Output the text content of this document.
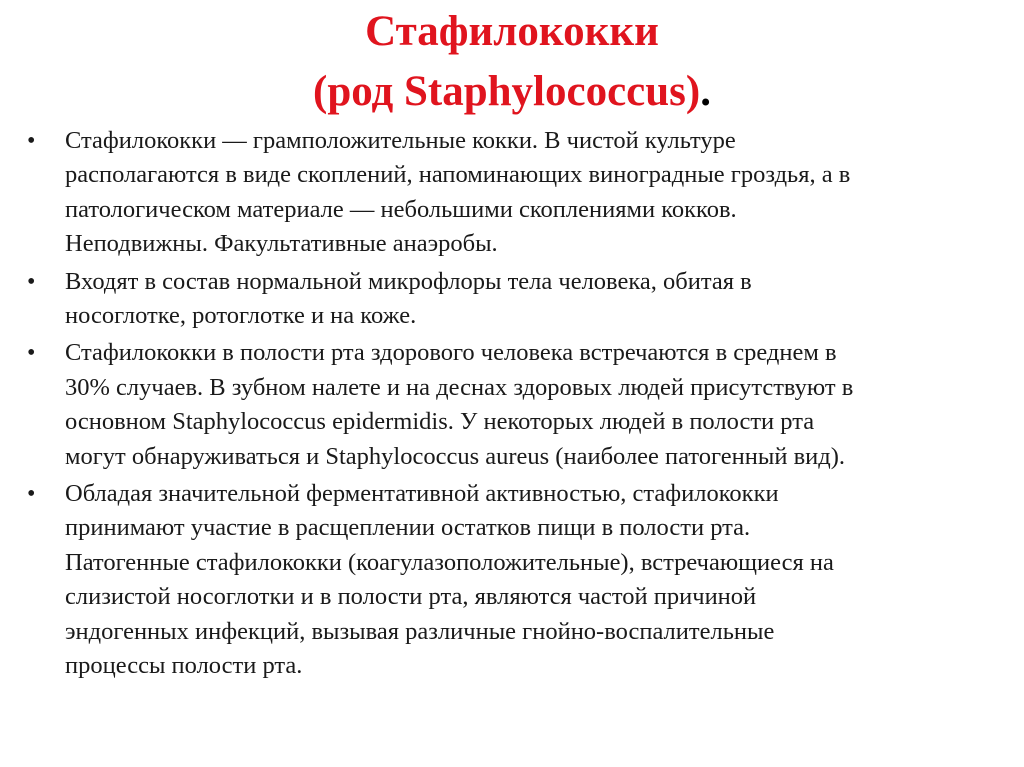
Стафилококки
(род Staphylococcus).
• Стафилококки — грамположительные кокки. В чистой культуре
располагаются в виде скоплений, напоминающих виноградные гроздья, а в
патологическом материале — небольшими скоплениями кокков.
Неподвижны. Факультативные анаэробы.
• Входят в состав нормальной микрофлоры тела человека, обитая в
носоглотке, ротоглотке и на коже.
• Стафилококки в полости рта здорового человека встречаются в среднем в
30% случаев. В зубном налете и на деснах здоровых людей присутствуют в
основном Staphylococcus epidermidis. У некоторых людей в полости рта
могут обнаруживаться и Staphylococcus aureus (наиболее патогенный вид).
• Обладая значительной ферментативной активностью, стафилококки
принимают участие в расщеплении остатков пищи в полости рта.
Патогенные стафилококки (коагулазоположительные), встречающиеся на
слизистой носоглотки и в полости рта, являются частой причиной
эндогенных инфекций, вызывая различные гнойно-воспалительные
процессы полости рта.
